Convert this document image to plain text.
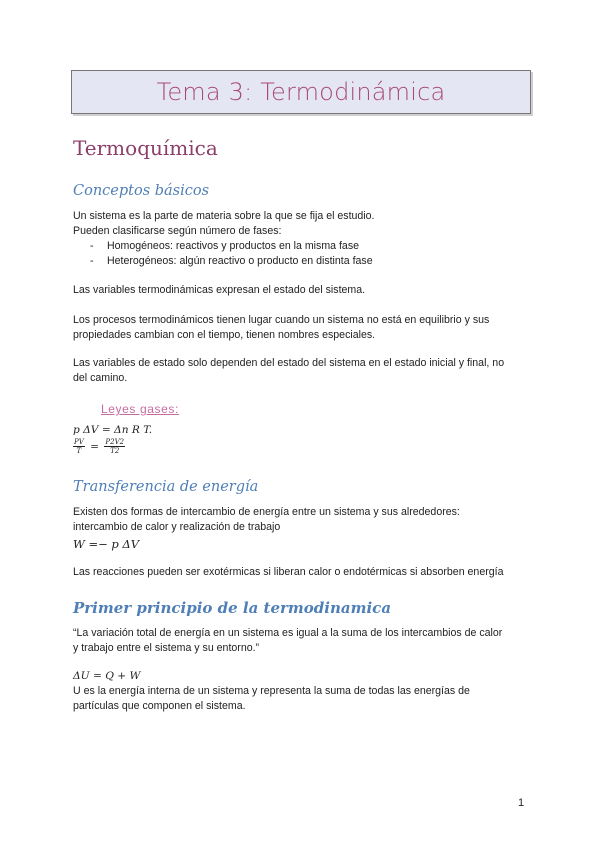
Tema 3: Termodinámica
Termoquímica
Conceptos básicos
Un sistema es la parte de materia sobre la que se fija el estudio.
Pueden clasificarse según número de fases:
-	Homogéneos: reactivos y productos en la misma fase
-	Heterogéneos: algún reactivo o producto en distinta fase
Las variables termodinámicas expresan el estado del sistema.
Los procesos termodinámicos tienen lugar cuando un sistema no está en equilibrio y sus
propiedades cambian con el tiempo, tienen nombres especiales.
Las variables de estado solo dependen del estado del sistema en el estado inicial y final, no
del camino.
Leyes gases:
p ΔV = Δn R T.
$\frac{PV}{T} = \frac{P2V2}{T2}$
Transferencia de energía
Existen dos formas de intercambio de energía entre un sistema y sus alrededores:
intercambio de calor y realización de trabajo
W =− p ΔV
Las reacciones pueden ser exotérmicas si liberan calor o endotérmicas si absorben energía
Primer principio de la termodinamica
“La variación total de energía en un sistema es igual a la suma de los intercambios de calor
y trabajo entre el sistema y su entorno.”
ΔU = Q + W
U es la energía interna de un sistema y representa la suma de todas las energías de
partículas que componen el sistema.
1
